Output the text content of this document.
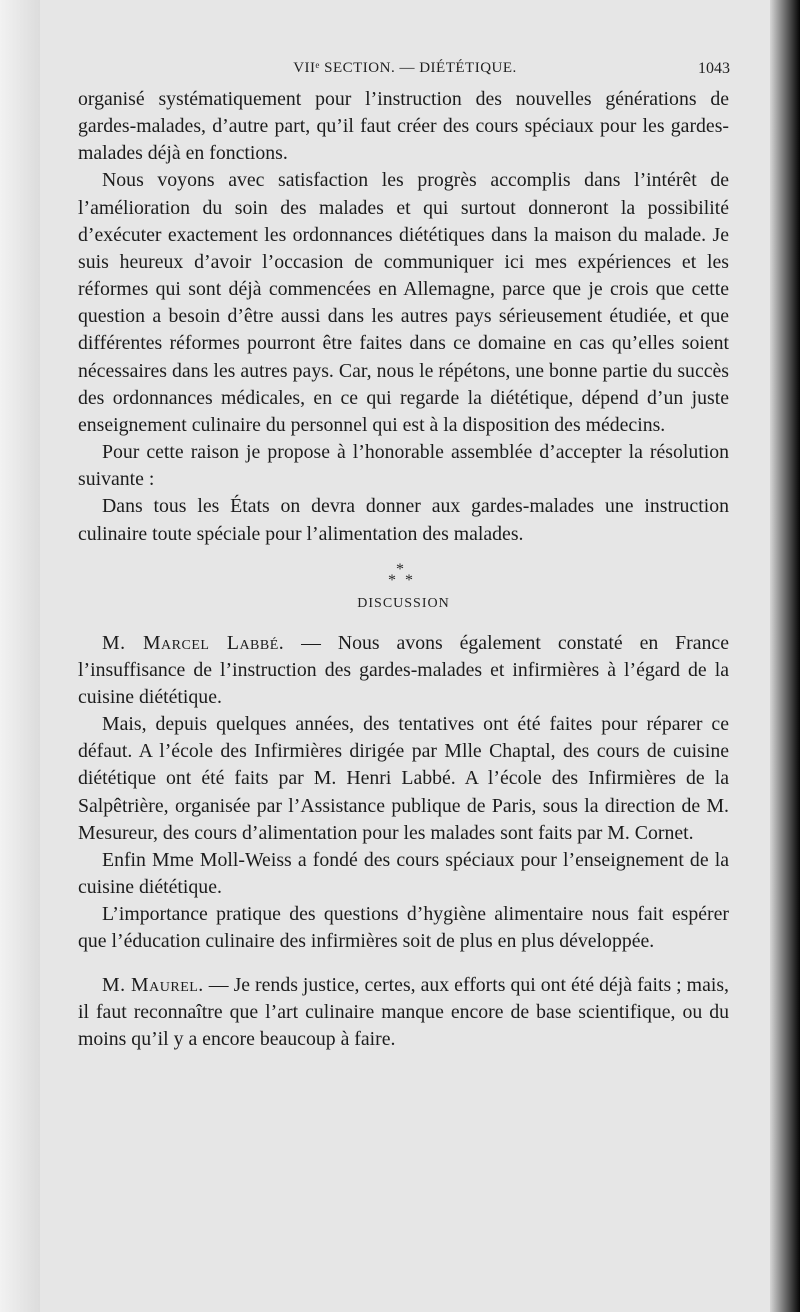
VIIᵉ SECTION. — DIÉTÉTIQUE.	1043

organisé systématiquement pour l’instruction des nouvelles générations de gardes-malades, d’autre part, qu’il faut créer des cours spéciaux pour les gardes-malades déjà en fonctions.

Nous voyons avec satisfaction les progrès accomplis dans l’intérêt de l’amélioration du soin des malades et qui surtout donneront la possibilité d’exécuter exactement les ordonnances diététiques dans la maison du malade. Je suis heureux d’avoir l’occasion de communiquer ici mes expériences et les réformes qui sont déjà commencées en Allemagne, parce que je crois que cette question a besoin d’être aussi dans les autres pays sérieusement étudiée, et que différentes réformes pourront être faites dans ce domaine en cas qu’elles soient nécessaires dans les autres pays. Car, nous le répétons, une bonne partie du succès des ordonnances médicales, en ce qui regarde la diététique, dépend d’un juste enseignement culinaire du personnel qui est à la disposition des médecins.

Pour cette raison je propose à l’honorable assemblée d’accepter la résolution suivante :

Dans tous les États on devra donner aux gardes-malades une instruction culinaire toute spéciale pour l’alimentation des malades.

*
* *
DISCUSSION

M. Marcel Labbé. — Nous avons également constaté en France l’insuffisance de l’instruction des gardes-malades et infirmières à l’égard de la cuisine diététique.

Mais, depuis quelques années, des tentatives ont été faites pour réparer ce défaut. A l’école des Infirmières dirigée par Mlle Chaptal, des cours de cuisine diététique ont été faits par M. Henri Labbé. A l’école des Infirmières de la Salpêtrière, organisée par l’Assistance publique de Paris, sous la direction de M. Mesureur, des cours d’alimentation pour les malades sont faits par M. Cornet.

Enfin Mme Moll-Weiss a fondé des cours spéciaux pour l’enseignement de la cuisine diététique.

L’importance pratique des questions d’hygiène alimentaire nous fait espérer que l’éducation culinaire des infirmières soit de plus en plus développée.

M. Maurel. — Je rends justice, certes, aux efforts qui ont été déjà faits ; mais, il faut reconnaître que l’art culinaire manque encore de base scientifique, ou du moins qu’il y a encore beaucoup à faire.
